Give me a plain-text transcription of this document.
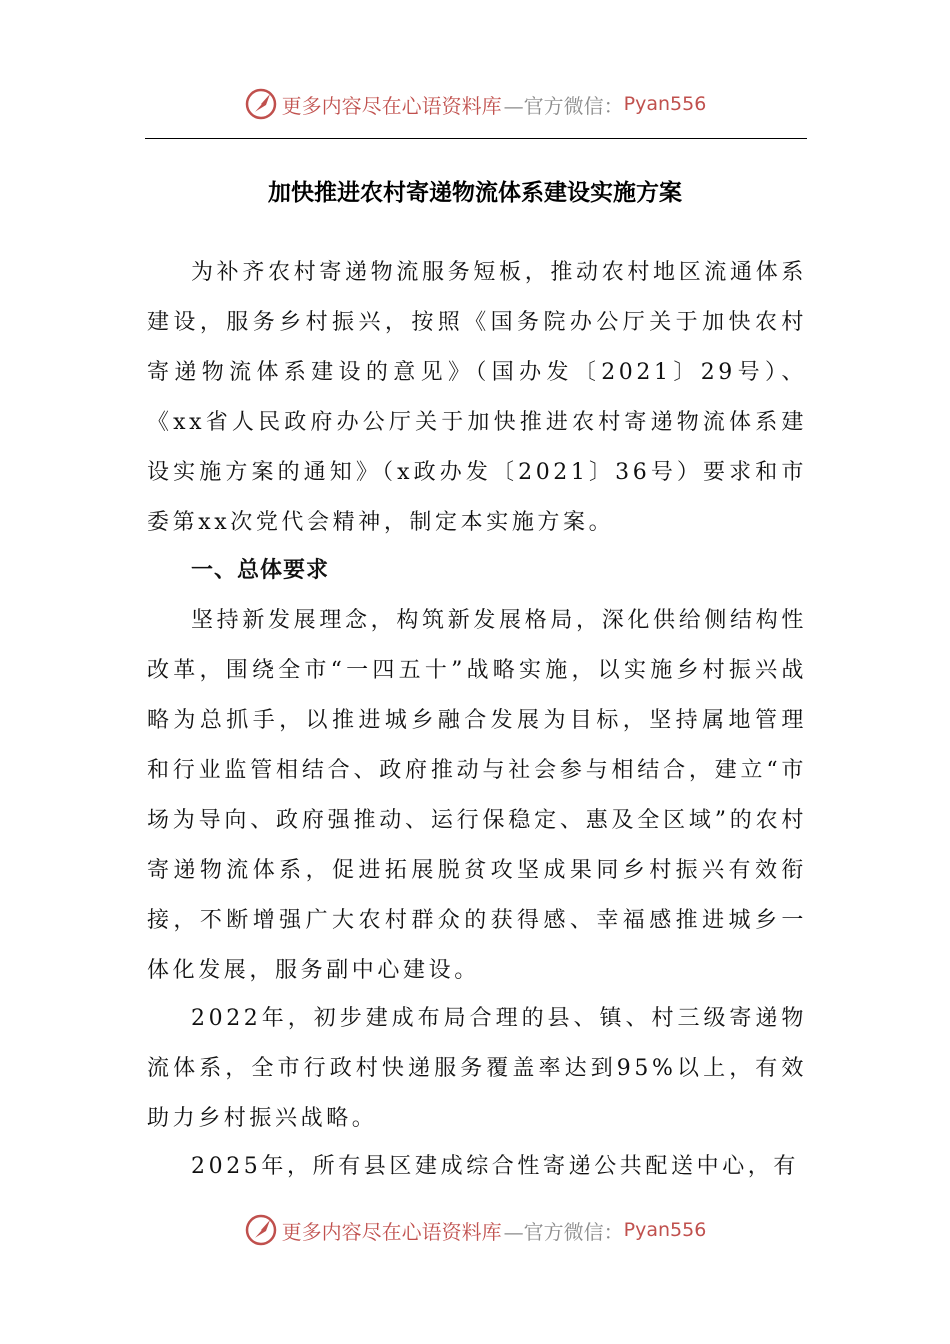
更多内容尽在心语资料库 —官方微信： Pyan556
加快推进农村寄递物流体系建设实施方案

为补齐农村寄递物流服务短板，推动农村地区流通体系建设，服务乡村振兴，按照《国务院办公厅关于加快农村寄递物流体系建设的意见》（国办发〔2021〕29号）、《xx省人民政府办公厅关于加快推进农村寄递物流体系建设实施方案的通知》（x政办发〔2021〕36号）要求和市委第xx次党代会精神，制定本实施方案。

一、总体要求

坚持新发展理念，构筑新发展格局，深化供给侧结构性改革，围绕全市“一四五十”战略实施，以实施乡村振兴战略为总抓手，以推进城乡融合发展为目标，坚持属地管理和行业监管相结合、政府推动与社会参与相结合，建立“市场为导向、政府强推动、运行保稳定、惠及全区域”的农村寄递物流体系，促进拓展脱贫攻坚成果同乡村振兴有效衔接，不断增强广大农村群众的获得感、幸福感推进城乡一体化发展，服务副中心建设。

2022年，初步建成布局合理的县、镇、村三级寄递物流体系，全市行政村快递服务覆盖率达到95%以上，有效助力乡村振兴战略。

2025年，所有县区建成综合性寄递公共配送中心，有

更多内容尽在心语资料库 —官方微信： Pyan556
